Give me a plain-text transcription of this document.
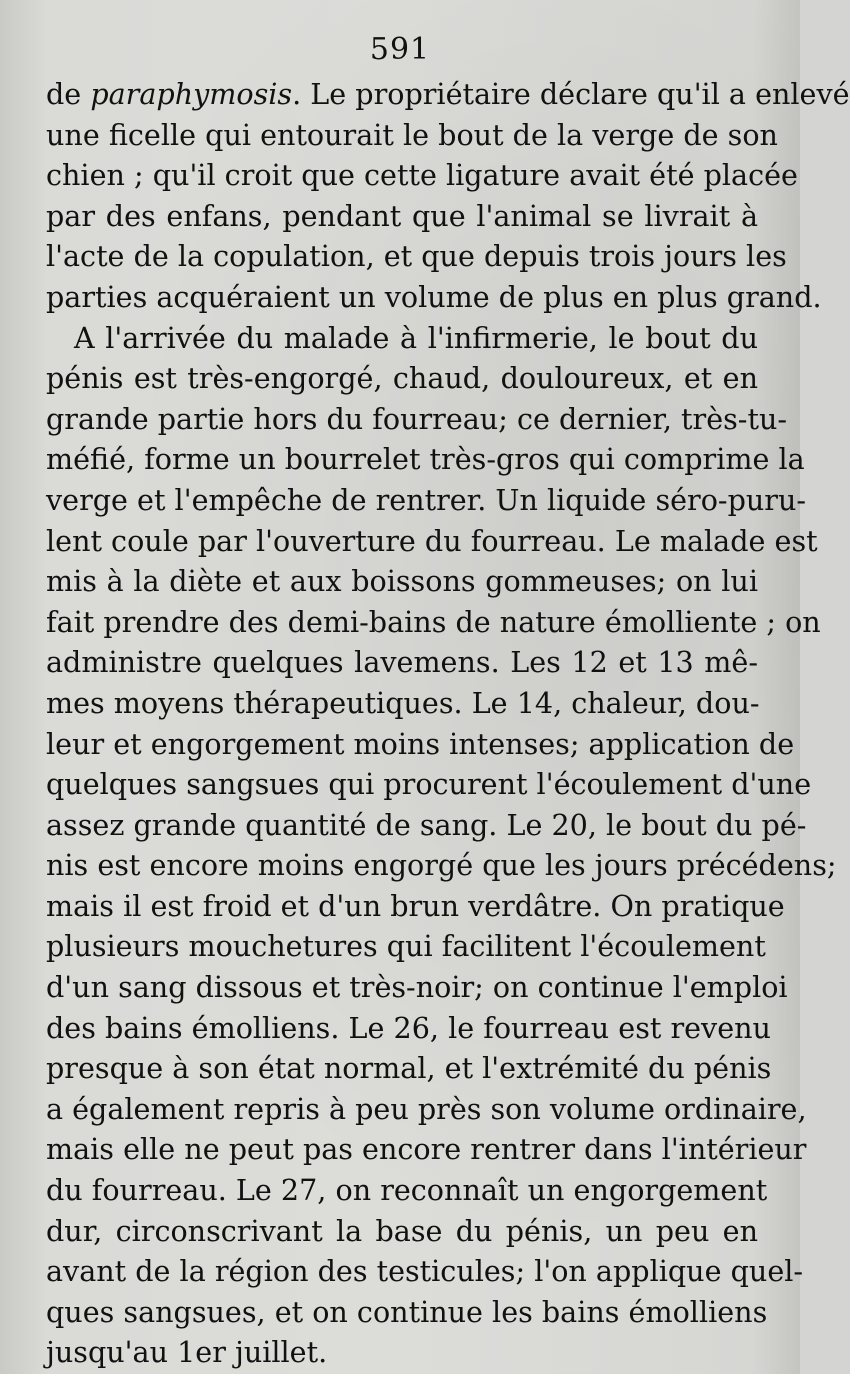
591
de paraphymosis. Le propriétaire déclare qu'il a enlevé
une ficelle qui entourait le bout de la verge de son
chien ; qu'il croit que cette ligature avait été placée
par des enfans, pendant que l'animal se livrait à
l'acte de la copulation, et que depuis trois jours les
parties acquéraient un volume de plus en plus grand.
A l'arrivée du malade à l'infirmerie, le bout du
pénis est très-engorgé, chaud, douloureux, et en
grande partie hors du fourreau; ce dernier, très-tu-
méfié, forme un bourrelet très-gros qui comprime la
verge et l'empêche de rentrer. Un liquide séro-puru-
lent coule par l'ouverture du fourreau. Le malade est
mis à la diète et aux boissons gommeuses; on lui
fait prendre des demi-bains de nature émolliente ; on
administre quelques lavemens. Les 12 et 13 mê-
mes moyens thérapeutiques. Le 14, chaleur, dou-
leur et engorgement moins intenses; application de
quelques sangsues qui procurent l'écoulement d'une
assez grande quantité de sang. Le 20, le bout du pé-
nis est encore moins engorgé que les jours précédens;
mais il est froid et d'un brun verdâtre. On pratique
plusieurs mouchetures qui facilitent l'écoulement
d'un sang dissous et très-noir; on continue l'emploi
des bains émolliens. Le 26, le fourreau est revenu
presque à son état normal, et l'extrémité du pénis
a également repris à peu près son volume ordinaire,
mais elle ne peut pas encore rentrer dans l'intérieur
du fourreau. Le 27, on reconnaît un engorgement
dur, circonscrivant la base du pénis, un peu en
avant de la région des testicules; l'on applique quel-
ques sangsues, et on continue les bains émolliens
jusqu'au 1er juillet.
